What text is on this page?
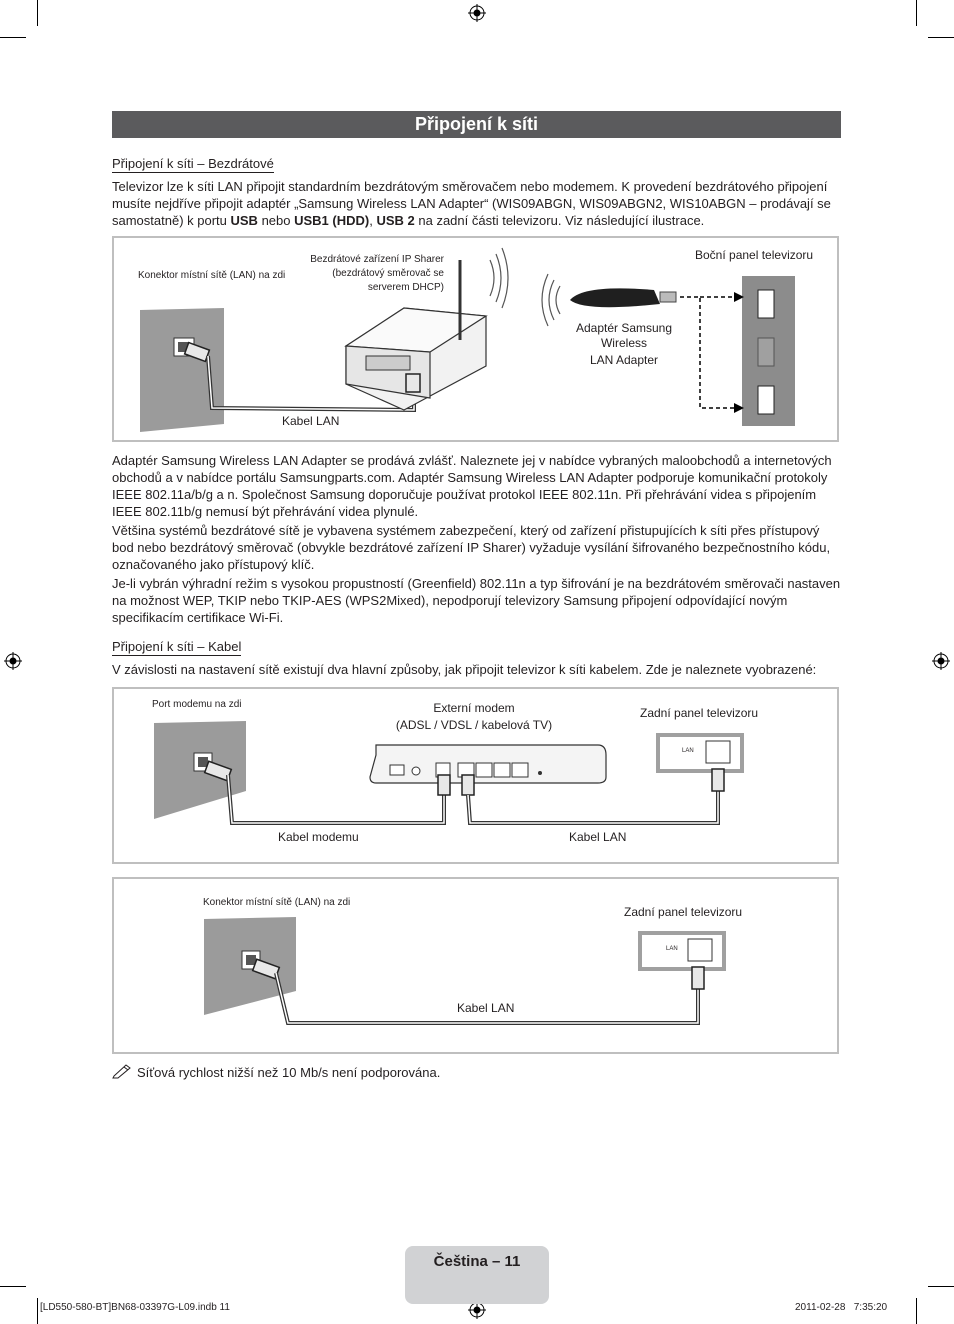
Připojení k síti
Připojení k síti – Bezdrátové

Televizor lze k síti LAN připojit standardním bezdrátovým směrovačem nebo modemem. K provedení bezdrátového připojení musíte nejdříve připojit adaptér „Samsung Wireless LAN Adapter“ (WIS09ABGN, WIS09ABGN2, WIS10ABGN – prodávají se samostatně) k portu USB nebo USB1 (HDD), USB 2 na zadní části televizoru. Viz následující ilustrace.

Konektor místní sítě (LAN) na zdi
Bezdrátové zařízení IP Sharer
(bezdrátový směrovač se
serverem DHCP)
Boční panel televizoru
Adaptér Samsung
Wireless
LAN Adapter
Kabel LAN

Adaptér Samsung Wireless LAN Adapter se prodává zvlášť. Naleznete jej v nabídce vybraných maloobchodů a internetových obchodů a v nabídce portálu Samsungparts.com. Adaptér Samsung Wireless LAN Adapter podporuje komunikační protokoly IEEE 802.11a/b/g a n. Společnost Samsung doporučuje používat protokol IEEE 802.11n. Při přehrávání videa s připojením IEEE 802.11b/g nemusí být přehrávání videa plynulé.

Většina systémů bezdrátové sítě je vybavena systémem zabezpečení, který od zařízení přistupujících k síti přes přístupový bod nebo bezdrátový směrovač (obvykle bezdrátové zařízení IP Sharer) vyžaduje vysílání šifrovaného bezpečnostního kódu, označovaného jako přístupový klíč.

Je-li vybrán výhradní režim s vysokou propustností (Greenfield) 802.11n a typ šifrování je na bezdrátovém směrovači nastaven na možnost WEP, TKIP nebo TKIP-AES (WPS2Mixed), nepodporují televizory Samsung připojení odpovídající novým specifikacím certifikace Wi-Fi.

Připojení k síti – Kabel

V závislosti na nastavení sítě existují dva hlavní způsoby, jak připojit televizor k síti kabelem. Zde je naleznete vyobrazené:

Port modemu na zdi	Externí modem
(ADSL / VDSL / kabelová TV)
Zadní panel televizoru
LAN
Kabel modemu	Kabel LAN
Konektor místní sítě (LAN) na zdi
Zadní panel televizoru
LAN
Kabel LAN
Síťová rychlost nižší než 10 Mb/s není podporována.
Čeština – 11
[LD550-580-BT]BN68-03397G-L09.indb 11	2011-02-28   7:35:20
